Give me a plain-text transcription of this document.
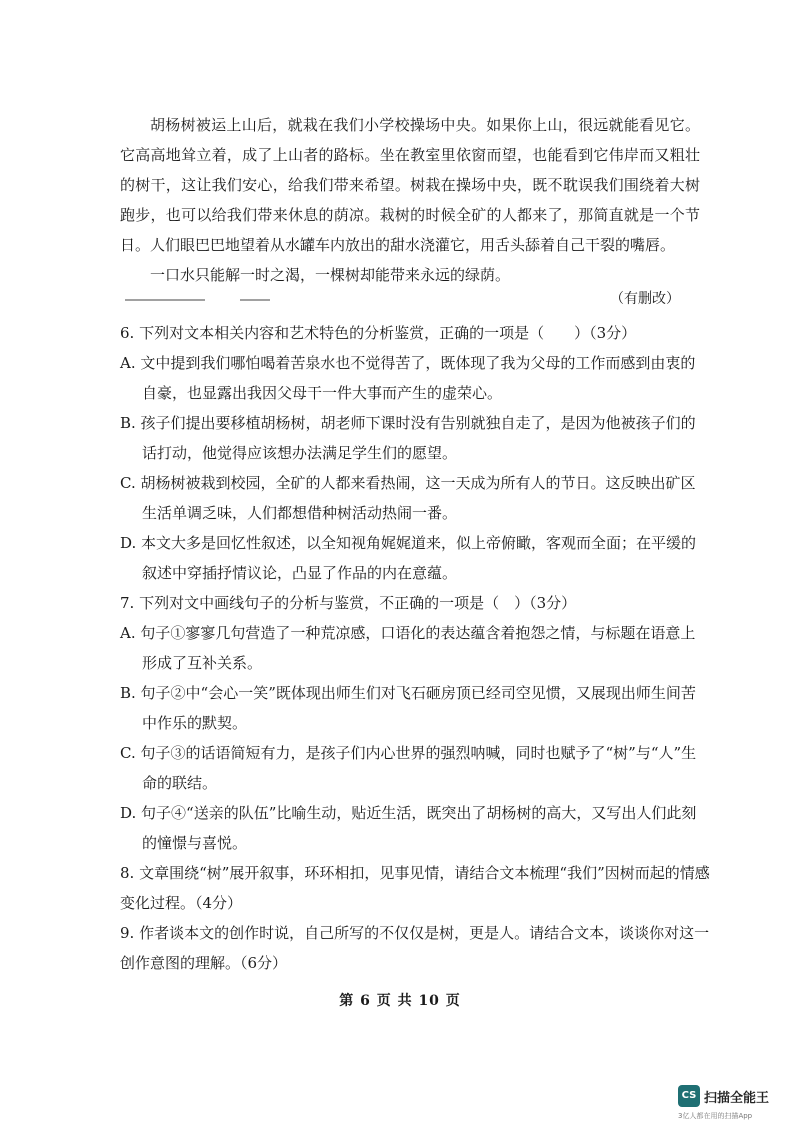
胡杨树被运上山后，就栽在我们小学校操场中央。如果你上山，很远就能看见它。它高高地耸立着，成了上山者的路标。坐在教室里依窗而望，也能看到它伟岸而又粗壮的树干，这让我们安心，给我们带来希望。树栽在操场中央，既不耽误我们围绕着大树跑步，也可以给我们带来休息的荫凉。栽树的时候全矿的人都来了，那简直就是一个节日。人们眼巴巴地望着从水罐车内放出的甜水浇灌它，用舌头舔着自己干裂的嘴唇。

一口水只能解一时之渴，一棵树却能带来永远的绿荫。

（有删改）

6. 下列对文本相关内容和艺术特色的分析鉴赏，正确的一项是（　　）（3分）

A. 文中提到我们哪怕喝着苦泉水也不觉得苦了，既体现了我为父母的工作而感到由衷的自豪，也显露出我因父母干一件大事而产生的虚荣心。

B. 孩子们提出要移植胡杨树，胡老师下课时没有告别就独自走了，是因为他被孩子们的话打动，他觉得应该想办法满足学生们的愿望。

C. 胡杨树被栽到校园，全矿的人都来看热闹，这一天成为所有人的节日。这反映出矿区生活单调乏味，人们都想借种树活动热闹一番。

D. 本文大多是回忆性叙述，以全知视角娓娓道来，似上帝俯瞰，客观而全面；在平缓的叙述中穿插抒情议论，凸显了作品的内在意蕴。

7. 下列对文中画线句子的分析与鉴赏，不正确的一项是（　）（3分）

A. 句子①寥寥几句营造了一种荒凉感，口语化的表达蕴含着抱怨之情，与标题在语意上形成了互补关系。

B. 句子②中“会心一笑”既体现出师生们对飞石砸房顶已经司空见惯，又展现出师生间苦中作乐的默契。

C. 句子③的话语简短有力，是孩子们内心世界的强烈呐喊，同时也赋予了“树”与“人”生命的联结。

D. 句子④“送亲的队伍”比喻生动，贴近生活，既突出了胡杨树的高大，又写出人们此刻的憧憬与喜悦。

8. 文章围绕“树”展开叙事，环环相扣，见事见情，请结合文本梳理“我们”因树而起的情感变化过程。（4分）

9. 作者谈本文的创作时说，自己所写的不仅仅是树，更是人。请结合文本，谈谈你对这一创作意图的理解。（6分）

第 6 页 共 10 页
CS 扫描全能王
3亿人都在用的扫描App
